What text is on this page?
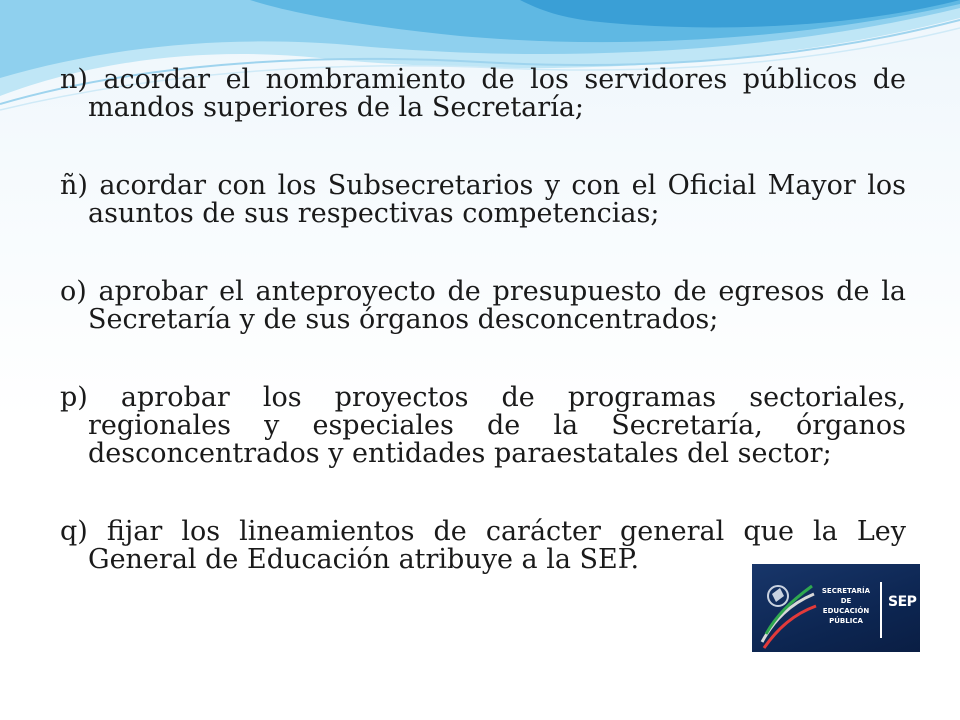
n) acordar el nombramiento de los servidores públicos de mandos superiores de la Secretaría;

ñ) acordar con los Subsecretarios y con el Oficial Mayor los asuntos de sus respectivas competencias;

o) aprobar el anteproyecto de presupuesto de egresos de la Secretaría y de sus órganos desconcentrados;

p) aprobar los proyectos de programas sectoriales, regionales y especiales de la Secretaría, órganos desconcentrados y entidades paraestatales del sector;

q) fijar los lineamientos de carácter general que la Ley General de Educación atribuye a la SEP.

SECRETARÍA
DE EDUCACIÓN
PÚBLICA
SEP
